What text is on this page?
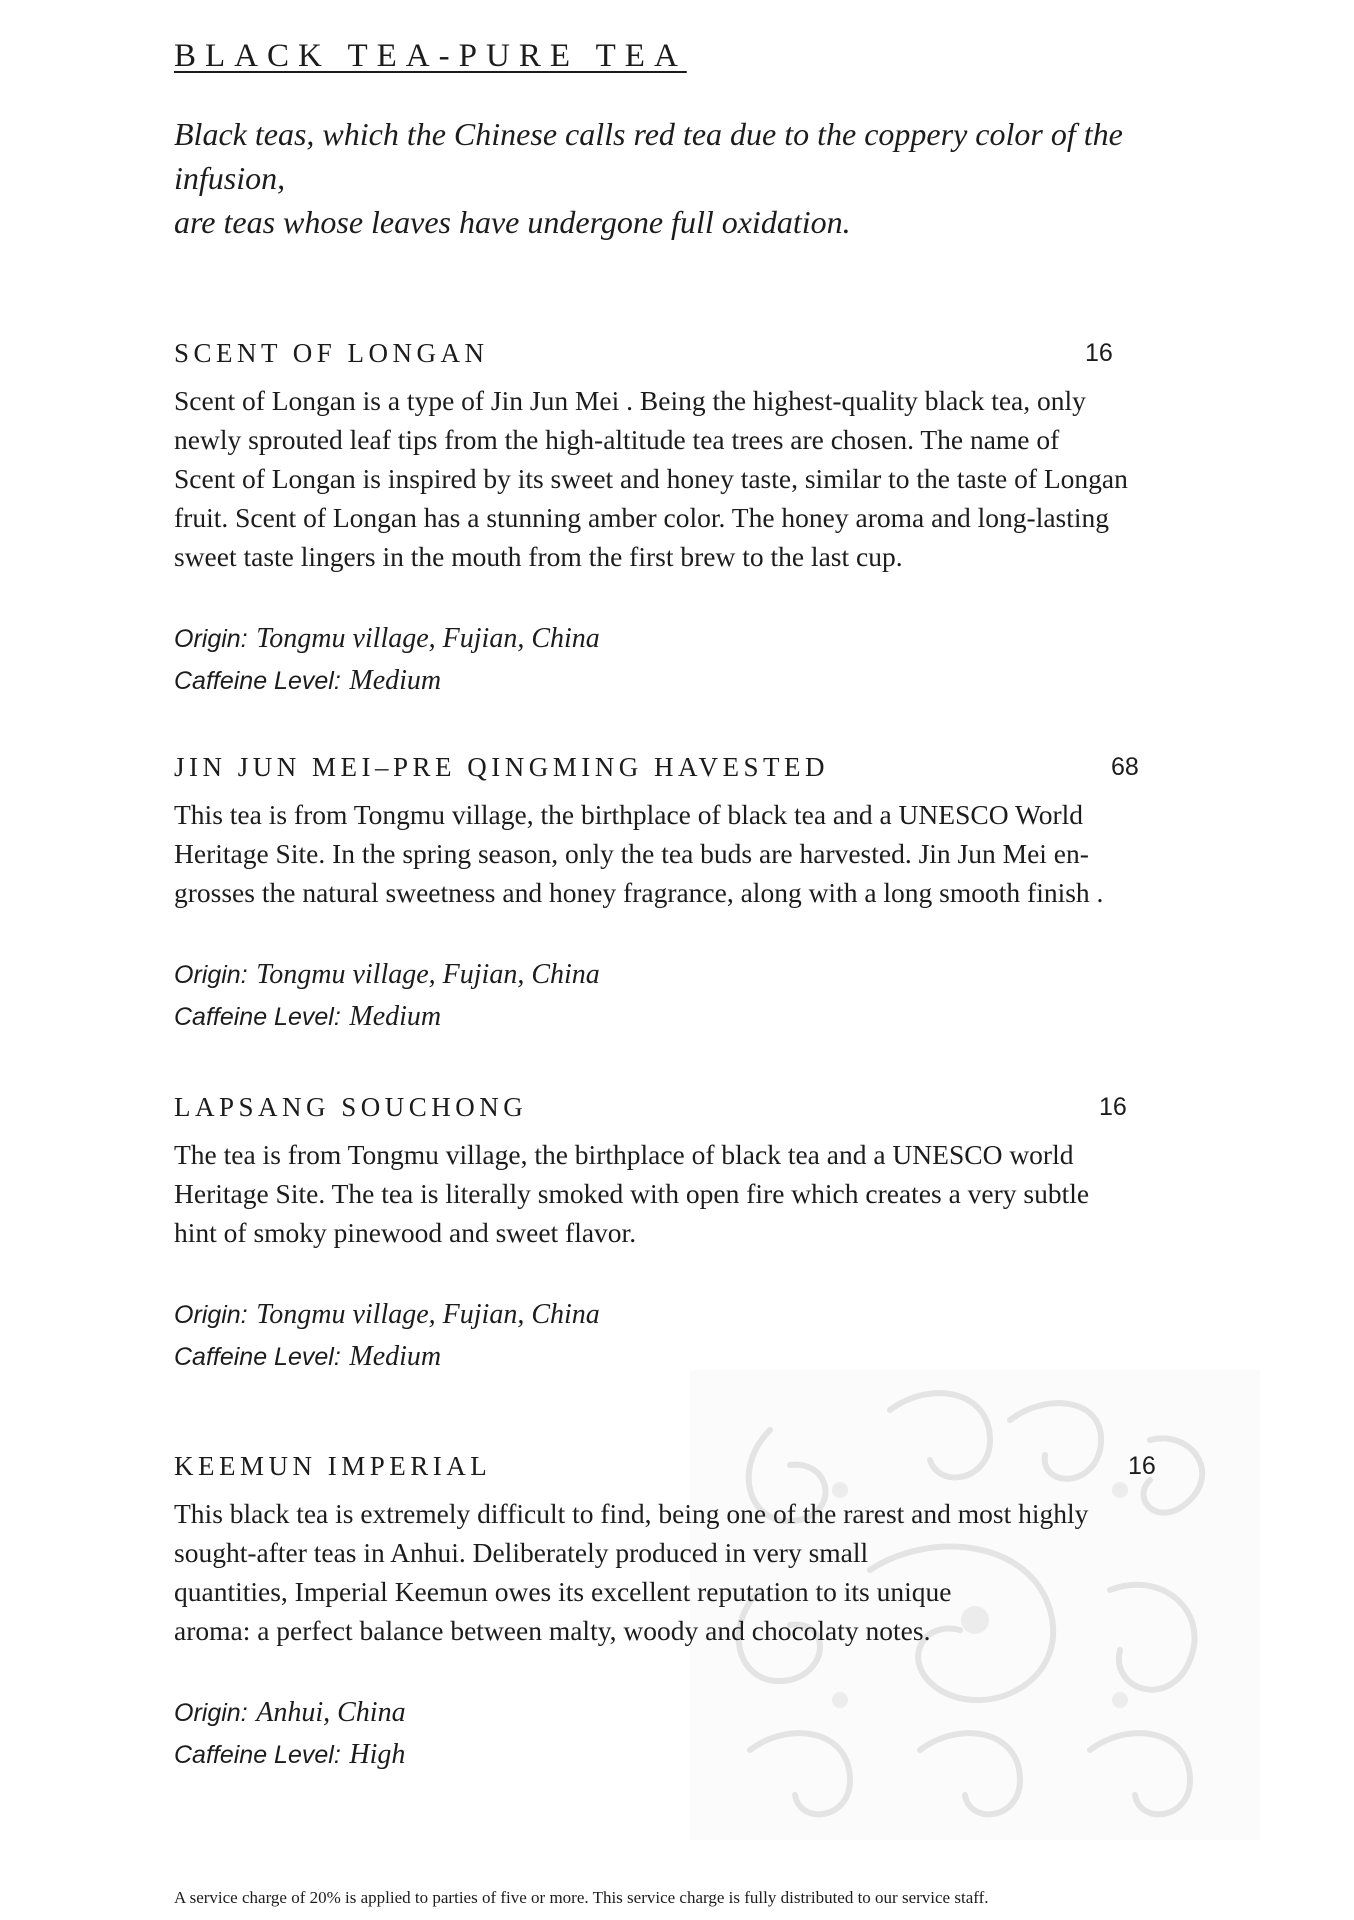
BLACK TEA-PURE TEA

Black teas, which the Chinese calls red tea due to the coppery color of the
infusion,
are teas whose leaves have undergone full oxidation.

SCENT OF LONGAN	16

Scent of Longan is a type of Jin Jun Mei . Being the highest-quality black tea, only
newly sprouted leaf tips from the high-altitude tea trees are chosen. The name of
Scent of Longan is inspired by its sweet and honey taste, similar to the taste of Longan
fruit. Scent of Longan has a stunning amber color. The honey aroma and long-lasting
sweet taste lingers in the mouth from the first brew to the last cup.

Origin: Tongmu village, Fujian, China
Caffeine Level: Medium
JIN JUN MEI–PRE QINGMING HAVESTED	68

This tea is from Tongmu village, the birthplace of black tea and a UNESCO World
Heritage Site. In the spring season, only the tea buds are harvested. Jin Jun Mei en-
grosses the natural sweetness and honey fragrance, along with a long smooth finish .

Origin: Tongmu village, Fujian, China
Caffeine Level: Medium
LAPSANG SOUCHONG	16

The tea is from Tongmu village, the birthplace of black tea and a UNESCO world
Heritage Site. The tea is literally smoked with open fire which creates a very subtle
hint of smoky pinewood and sweet flavor.

Origin: Tongmu village, Fujian, China
Caffeine Level: Medium
KEEMUN IMPERIAL	16

This black tea is extremely difficult to find, being one of the rarest and most highly
sought-after teas in Anhui. Deliberately produced in very small
quantities, Imperial Keemun owes its excellent reputation to its unique
aroma: a perfect balance between malty, woody and chocolaty notes.

Origin: Anhui, China
Caffeine Level: High

A service charge of 20% is applied to parties of five or more. This service charge is fully distributed to our service staff.
